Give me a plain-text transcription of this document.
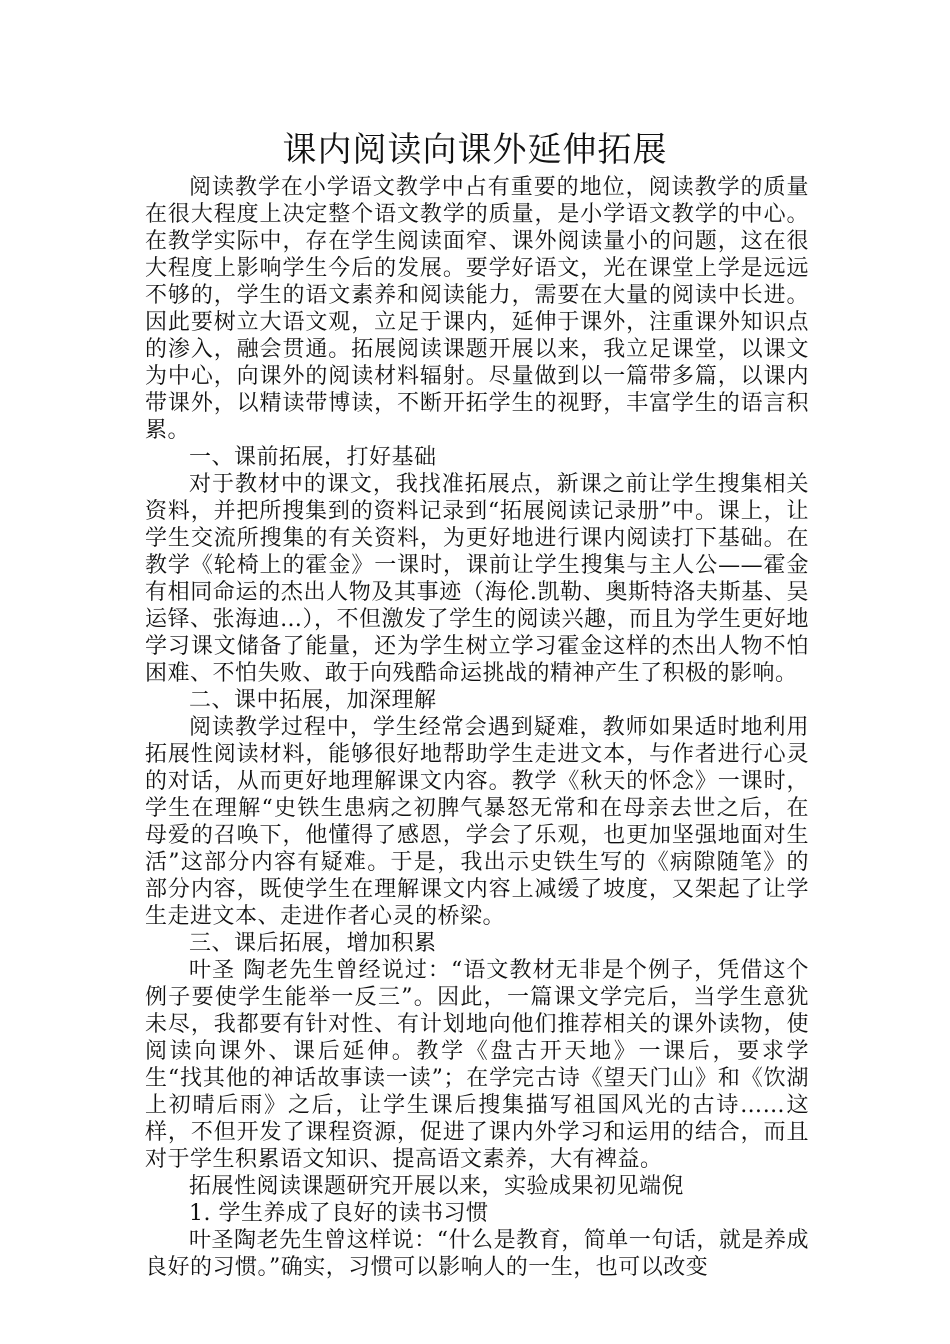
课内阅读向课外延伸拓展

阅读教学在小学语文教学中占有重要的地位，阅读教学的质量在很大程度上决定整个语文教学的质量，是小学语文教学的中心。在教学实际中，存在学生阅读面窄、课外阅读量小的问题，这在很大程度上影响学生今后的发展。要学好语文，光在课堂上学是远远不够的，学生的语文素养和阅读能力，需要在大量的阅读中长进。因此要树立大语文观，立足于课内，延伸于课外，注重课外知识点的渗入，融会贯通。拓展阅读课题开展以来，我立足课堂，以课文为中心，向课外的阅读材料辐射。尽量做到以一篇带多篇，以课内带课外，以精读带博读，不断开拓学生的视野，丰富学生的语言积累。

一、课前拓展，打好基础

对于教材中的课文，我找准拓展点，新课之前让学生搜集相关资料，并把所搜集到的资料记录到“拓展阅读记录册”中。课上，让学生交流所搜集的有关资料，为更好地进行课内阅读打下基础。在教学《轮椅上的霍金》一课时，课前让学生搜集与主人公——霍金有相同命运的杰出人物及其事迹（海伦.凯勒、奥斯特洛夫斯基、吴运铎、张海迪…），不但激发了学生的阅读兴趣，而且为学生更好地学习课文储备了能量，还为学生树立学习霍金这样的杰出人物不怕困难、不怕失败、敢于向残酷命运挑战的精神产生了积极的影响。

二、课中拓展，加深理解

阅读教学过程中，学生经常会遇到疑难，教师如果适时地利用拓展性阅读材料，能够很好地帮助学生走进文本，与作者进行心灵的对话，从而更好地理解课文内容。教学《秋天的怀念》一课时，学生在理解“史铁生患病之初脾气暴怒无常和在母亲去世之后，在母爱的召唤下，他懂得了感恩，学会了乐观，也更加坚强地面对生活”这部分内容有疑难。于是，我出示史铁生写的《病隙随笔》的部分内容，既使学生在理解课文内容上减缓了坡度，又架起了让学生走进文本、走进作者心灵的桥梁。

三、课后拓展，增加积累

叶圣 陶老先生曾经说过：“语文教材无非是个例子，凭借这个例子要使学生能举一反三”。因此，一篇课文学完后，当学生意犹未尽，我都要有针对性、有计划地向他们推荐相关的课外读物，使阅读向课外、课后延伸。教学《盘古开天地》一课后，要求学生“找其他的神话故事读一读”；在学完古诗《望天门山》和《饮湖上初晴后雨》之后，让学生课后搜集描写祖国风光的古诗……这样，不但开发了课程资源，促进了课内外学习和运用的结合，而且对于学生积累语文知识、提高语文素养，大有裨益。

拓展性阅读课题研究开展以来，实验成果初见端倪

1. 学生养成了良好的读书习惯

叶圣陶老先生曾这样说：“什么是教育，简单一句话，就是养成良好的习惯。”确实，习惯可以影响人的一生，也可以改变
